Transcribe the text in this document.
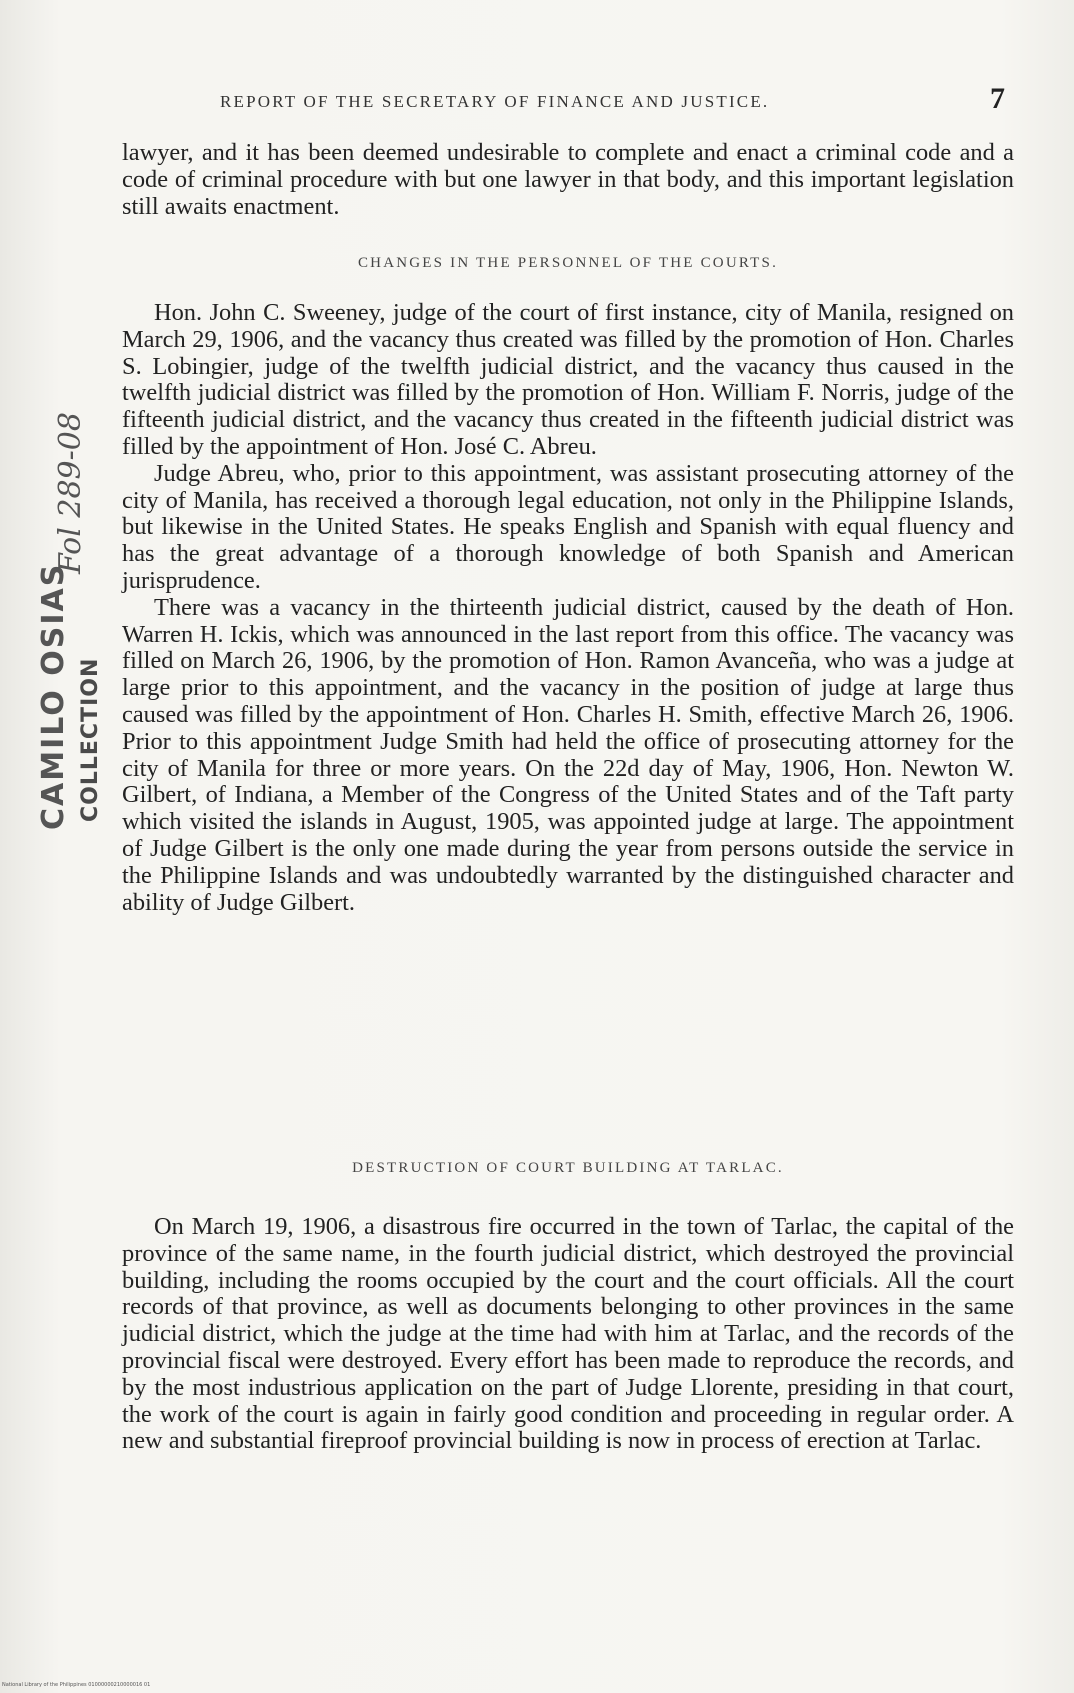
REPORT OF THE SECRETARY OF FINANCE AND JUSTICE.	7

lawyer, and it has been deemed undesirable to complete and enact a criminal code and a code of criminal procedure with but one lawyer in that body, and this important legislation still awaits enactment.

CHANGES IN THE PERSONNEL OF THE COURTS.

Hon. John C. Sweeney, judge of the court of first instance, city of Manila, resigned on March 29, 1906, and the vacancy thus created was filled by the promotion of Hon. Charles S. Lobingier, judge of the twelfth judicial district, and the vacancy thus caused in the twelfth judicial district was filled by the promotion of Hon. William F. Norris, judge of the fifteenth judicial district, and the vacancy thus created in the fifteenth judicial district was filled by the appointment of Hon. José C. Abreu.

Judge Abreu, who, prior to this appointment, was assistant prosecuting attorney of the city of Manila, has received a thorough legal education, not only in the Philippine Islands, but likewise in the United States. He speaks English and Spanish with equal fluency and has the great advantage of a thorough knowledge of both Spanish and American jurisprudence.

There was a vacancy in the thirteenth judicial district, caused by the death of Hon. Warren H. Ickis, which was announced in the last report from this office. The vacancy was filled on March 26, 1906, by the promotion of Hon. Ramon Avanceña, who was a judge at large prior to this appointment, and the vacancy in the position of judge at large thus caused was filled by the appointment of Hon. Charles H. Smith, effective March 26, 1906. Prior to this appointment Judge Smith had held the office of prosecuting attorney for the city of Manila for three or more years. On the 22d day of May, 1906, Hon. Newton W. Gilbert, of Indiana, a Member of the Congress of the United States and of the Taft party which visited the islands in August, 1905, was appointed judge at large. The appointment of Judge Gilbert is the only one made during the year from persons outside the service in the Philippine Islands and was undoubtedly warranted by the distinguished character and ability of Judge Gilbert.

DESTRUCTION OF COURT BUILDING AT TARLAC.

On March 19, 1906, a disastrous fire occurred in the town of Tarlac, the capital of the province of the same name, in the fourth judicial district, which destroyed the provincial building, including the rooms occupied by the court and the court officials. All the court records of that province, as well as documents belonging to other provinces in the same judicial district, which the judge at the time had with him at Tarlac, and the records of the provincial fiscal were destroyed. Every effort has been made to reproduce the records, and by the most industrious application on the part of Judge Llorente, presiding in that court, the work of the court is again in fairly good condition and proceeding in regular order. A new and substantial fireproof provincial building is now in process of erection at Tarlac.

Fol 289-08
CAMILO OSIAS COLLECTION
National Library of the Philippines 01000000210000016 01
